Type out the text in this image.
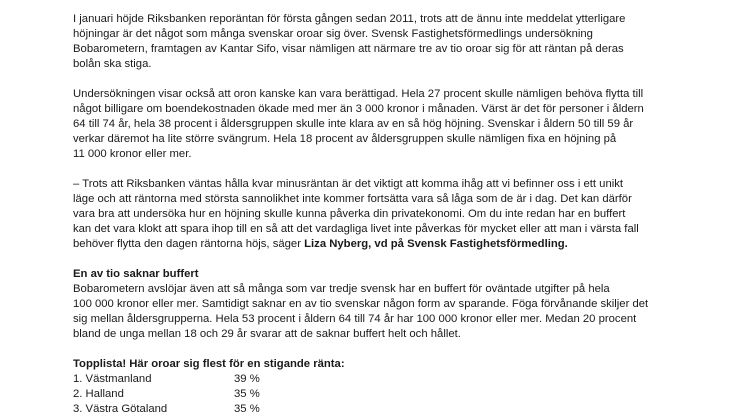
I januari höjde Riksbanken reporäntan för första gången sedan 2011, trots att de ännu inte meddelat ytterligare
höjningar är det något som många svenskar oroar sig över. Svensk Fastighetsförmedlings undersökning
Bobarometern, framtagen av Kantar Sifo, visar nämligen att närmare tre av tio oroar sig för att räntan på deras
bolån ska stiga.

Undersökningen visar också att oron kanske kan vara berättigad. Hela 27 procent skulle nämligen behöva flytta till
något billigare om boendekostnaden ökade med mer än 3 000 kronor i månaden. Värst är det för personer i åldern
64 till 74 år, hela 38 procent i åldersgruppen skulle inte klara av en så hög höjning. Svenskar i åldern 50 till 59 år
verkar däremot ha lite större svängrum. Hela 18 procent av åldersgruppen skulle nämligen fixa en höjning på
11 000 kronor eller mer.

– Trots att Riksbanken väntas hålla kvar minusräntan är det viktigt att komma ihåg att vi befinner oss i ett unikt
läge och att räntorna med största sannolikhet inte kommer fortsätta vara så låga som de är i dag. Det kan därför
vara bra att undersöka hur en höjning skulle kunna påverka din privatekonomi. Om du inte redan har en buffert
kan det vara klokt att spara ihop till en så att det vardagliga livet inte påverkas för mycket eller att man i värsta fall
behöver flytta den dagen räntorna höjs, säger Liza Nyberg, vd på Svensk Fastighetsförmedling.

En av tio saknar buffert

Bobarometern avslöjar även att så många som var tredje svensk har en buffert för oväntade utgifter på hela
100 000 kronor eller mer. Samtidigt saknar en av tio svenskar någon form av sparande. Föga förvånande skiljer det
sig mellan åldersgrupperna. Hela 53 procent i åldern 64 till 74 år har 100 000 kronor eller mer. Medan 20 procent
bland de unga mellan 18 och 29 år svarar att de saknar buffert helt och hållet.

Topplista! Här oroar sig flest för en stigande ränta:

1. Västmanland	39 %
2. Halland	35 %
3. Västra Götaland	35 %
